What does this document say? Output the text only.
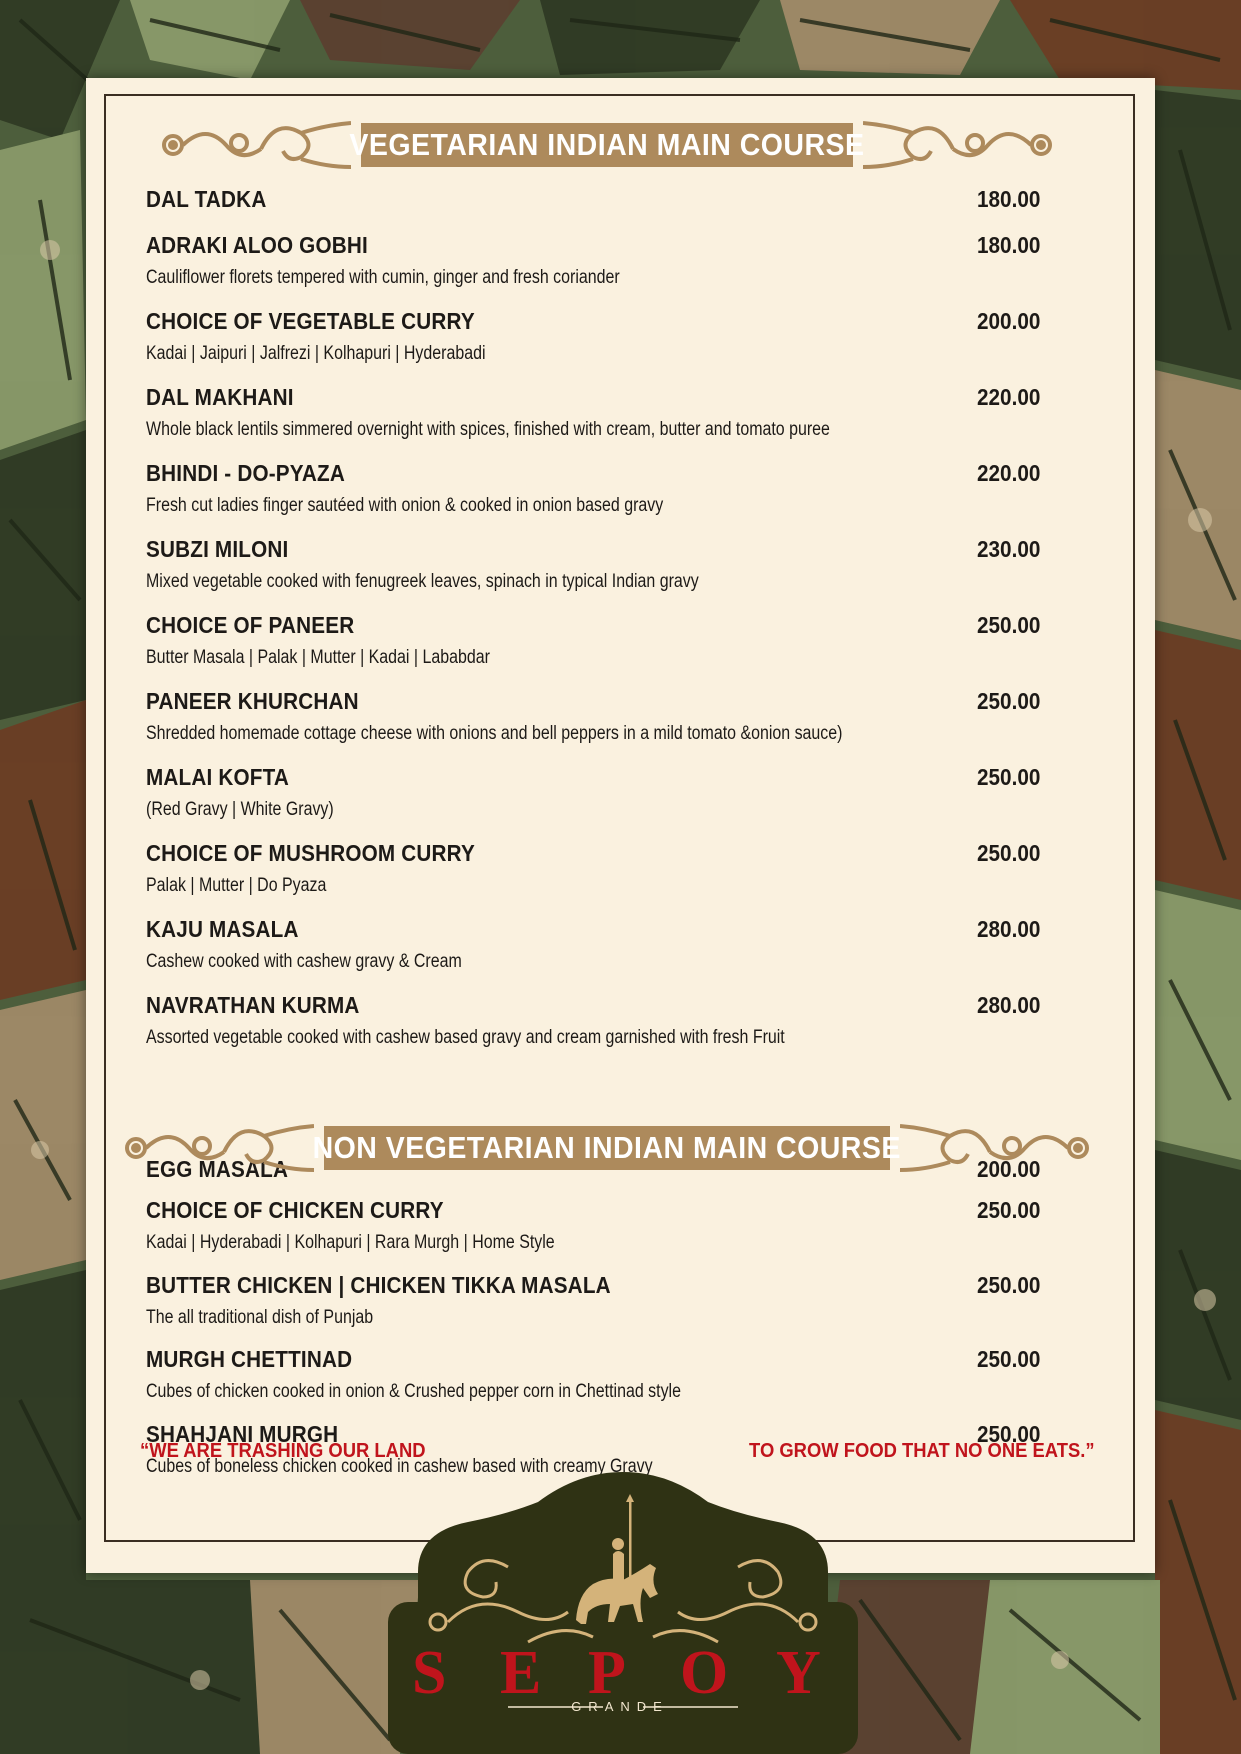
VEGETARIAN INDIAN MAIN COURSE
DAL TADKA	180.00
ADRAKI ALOO GOBHI	180.00
Cauliflower florets tempered with cumin, ginger and fresh coriander
CHOICE OF VEGETABLE CURRY	200.00
Kadai | Jaipuri | Jalfrezi | Kolhapuri | Hyderabadi
DAL MAKHANI	220.00
Whole black lentils simmered overnight with spices, finished with cream, butter and tomato puree
BHINDI - DO-PYAZA	220.00
Fresh cut ladies finger sautéed with onion & cooked in onion based gravy
SUBZI MILONI	230.00
Mixed vegetable cooked with fenugreek leaves, spinach in typical Indian gravy
CHOICE OF PANEER	250.00
Butter Masala | Palak | Mutter | Kadai | Lababdar
PANEER KHURCHAN	250.00
Shredded homemade cottage cheese with onions and bell peppers in a mild tomato &onion sauce)
MALAI KOFTA	250.00
(Red Gravy | White Gravy)
CHOICE OF MUSHROOM CURRY	250.00
Palak | Mutter | Do Pyaza
KAJU MASALA	280.00
Cashew cooked with cashew gravy & Cream
NAVRATHAN KURMA	280.00
Assorted vegetable cooked with cashew based gravy and cream garnished with fresh Fruit
NON VEGETARIAN INDIAN MAIN COURSE
EGG MASALA	200.00
CHOICE OF CHICKEN CURRY	250.00
Kadai | Hyderabadi | Kolhapuri | Rara Murgh | Home Style
BUTTER CHICKEN | CHICKEN TIKKA MASALA	250.00
The all traditional dish of Punjab
MURGH CHETTINAD	250.00
Cubes of chicken cooked in onion & Crushed pepper corn in Chettinad style
SHAHJANI MURGH	250.00
Cubes of boneless chicken cooked in cashew based with creamy Gravy
“WE ARE TRASHING OUR LAND	TO GROW FOOD THAT NO ONE EATS.”
S E P O Y
GRANDE
